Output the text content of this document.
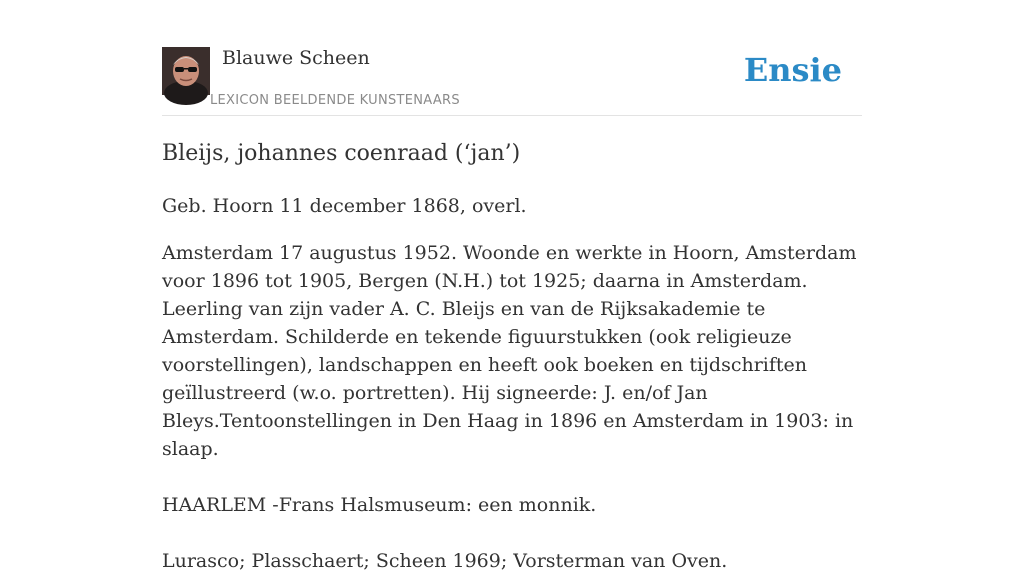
Blauwe Scheen
LEXICON BEELDENDE KUNSTENAARS
Ensie
Bleijs, johannes coenraad (‘jan’)

Geb. Hoorn 11 december 1868, overl.

Amsterdam 17 augustus 1952. Woonde en werkte in Hoorn, Amsterdam voor 1896 tot 1905, Bergen (N.H.) tot 1925; daarna in Amsterdam. Leerling van zijn vader A. C. Bleijs en van de Rijksakademie te Amsterdam. Schilderde en tekende figuurstukken (ook religieuze voorstellingen), landschappen en heeft ook boeken en tijdschriften geïllustreerd (w.o. portretten). Hij signeerde: J. en/of Jan Bleys.Tentoonstellingen in Den Haag in 1896 en Amsterdam in 1903: in slaap.

HAARLEM -Frans Halsmuseum: een monnik.

Lurasco; Plasschaert; Scheen 1969; Vorsterman van Oven.
